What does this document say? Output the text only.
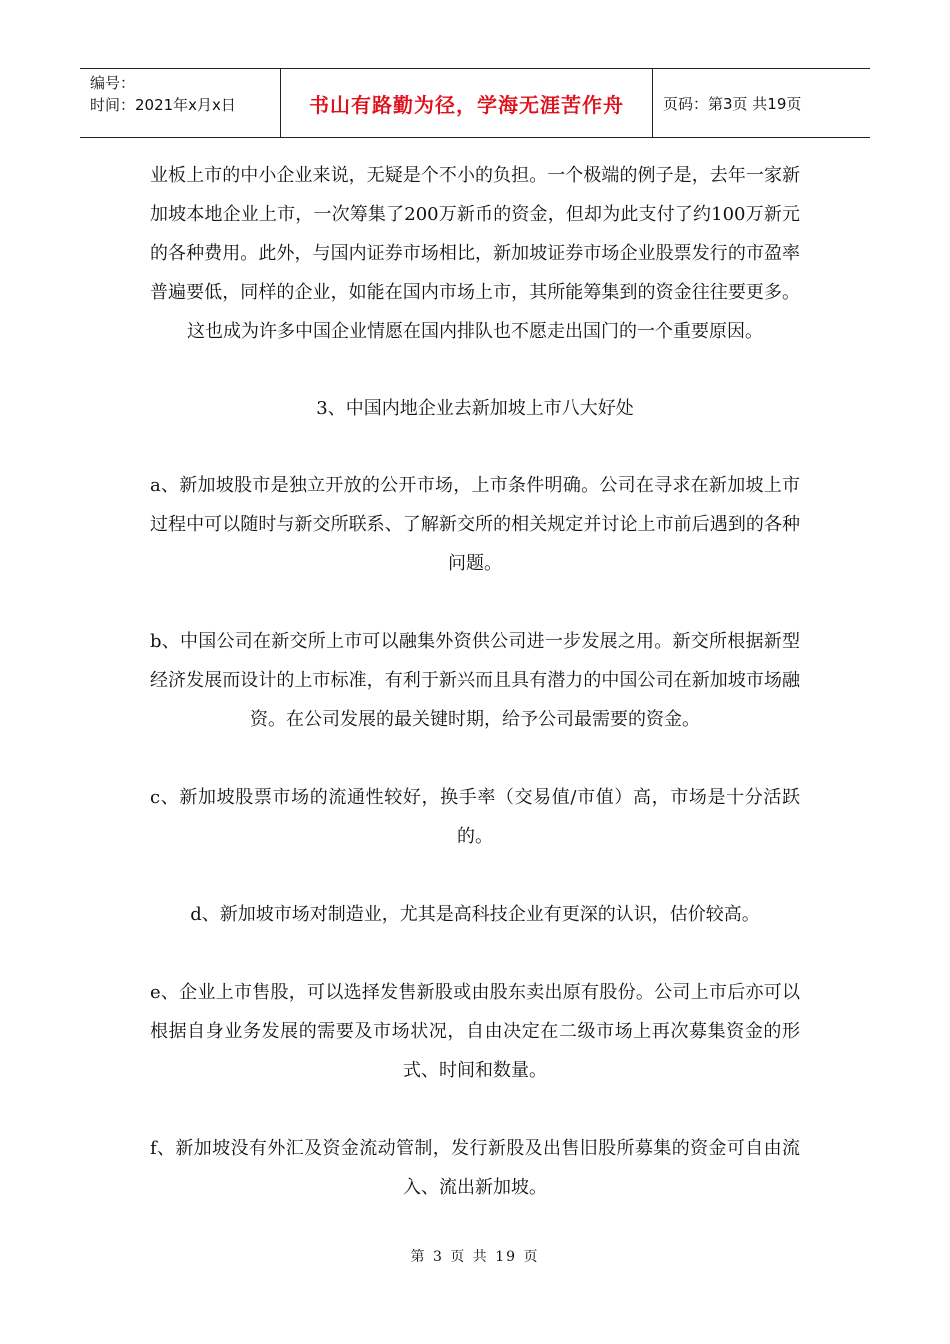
编号：
时间：2021年x月x日	书山有路勤为径，学海无涯苦作舟	页码：第3页 共19页

业板上市的中小企业来说，无疑是个不小的负担。一个极端的例子是，去年一家新加坡本地企业上市，一次筹集了200万新币的资金，但却为此支付了约100万新元的各种费用。此外，与国内证券市场相比，新加坡证券市场企业股票发行的市盈率普遍要低，同样的企业，如能在国内市场上市，其所能筹集到的资金往往要更多。这也成为许多中国企业情愿在国内排队也不愿走出国门的一个重要原因。

3、中国内地企业去新加坡上市八大好处

a、新加坡股市是独立开放的公开市场，上市条件明确。公司在寻求在新加坡上市过程中可以随时与新交所联系、了解新交所的相关规定并讨论上市前后遇到的各种问题。

b、中国公司在新交所上市可以融集外资供公司进一步发展之用。新交所根据新型经济发展而设计的上市标准，有利于新兴而且具有潜力的中国公司在新加坡市场融资。在公司发展的最关键时期，给予公司最需要的资金。

c、新加坡股票市场的流通性较好，换手率（交易值/市值）高，市场是十分活跃的。

d、新加坡市场对制造业，尤其是高科技企业有更深的认识，估价较高。

e、企业上市售股，可以选择发售新股或由股东卖出原有股份。公司上市后亦可以根据自身业务发展的需要及市场状况，自由决定在二级市场上再次募集资金的形式、时间和数量。

f、新加坡没有外汇及资金流动管制，发行新股及出售旧股所募集的资金可自由流入、流出新加坡。

第 3 页 共 19 页
